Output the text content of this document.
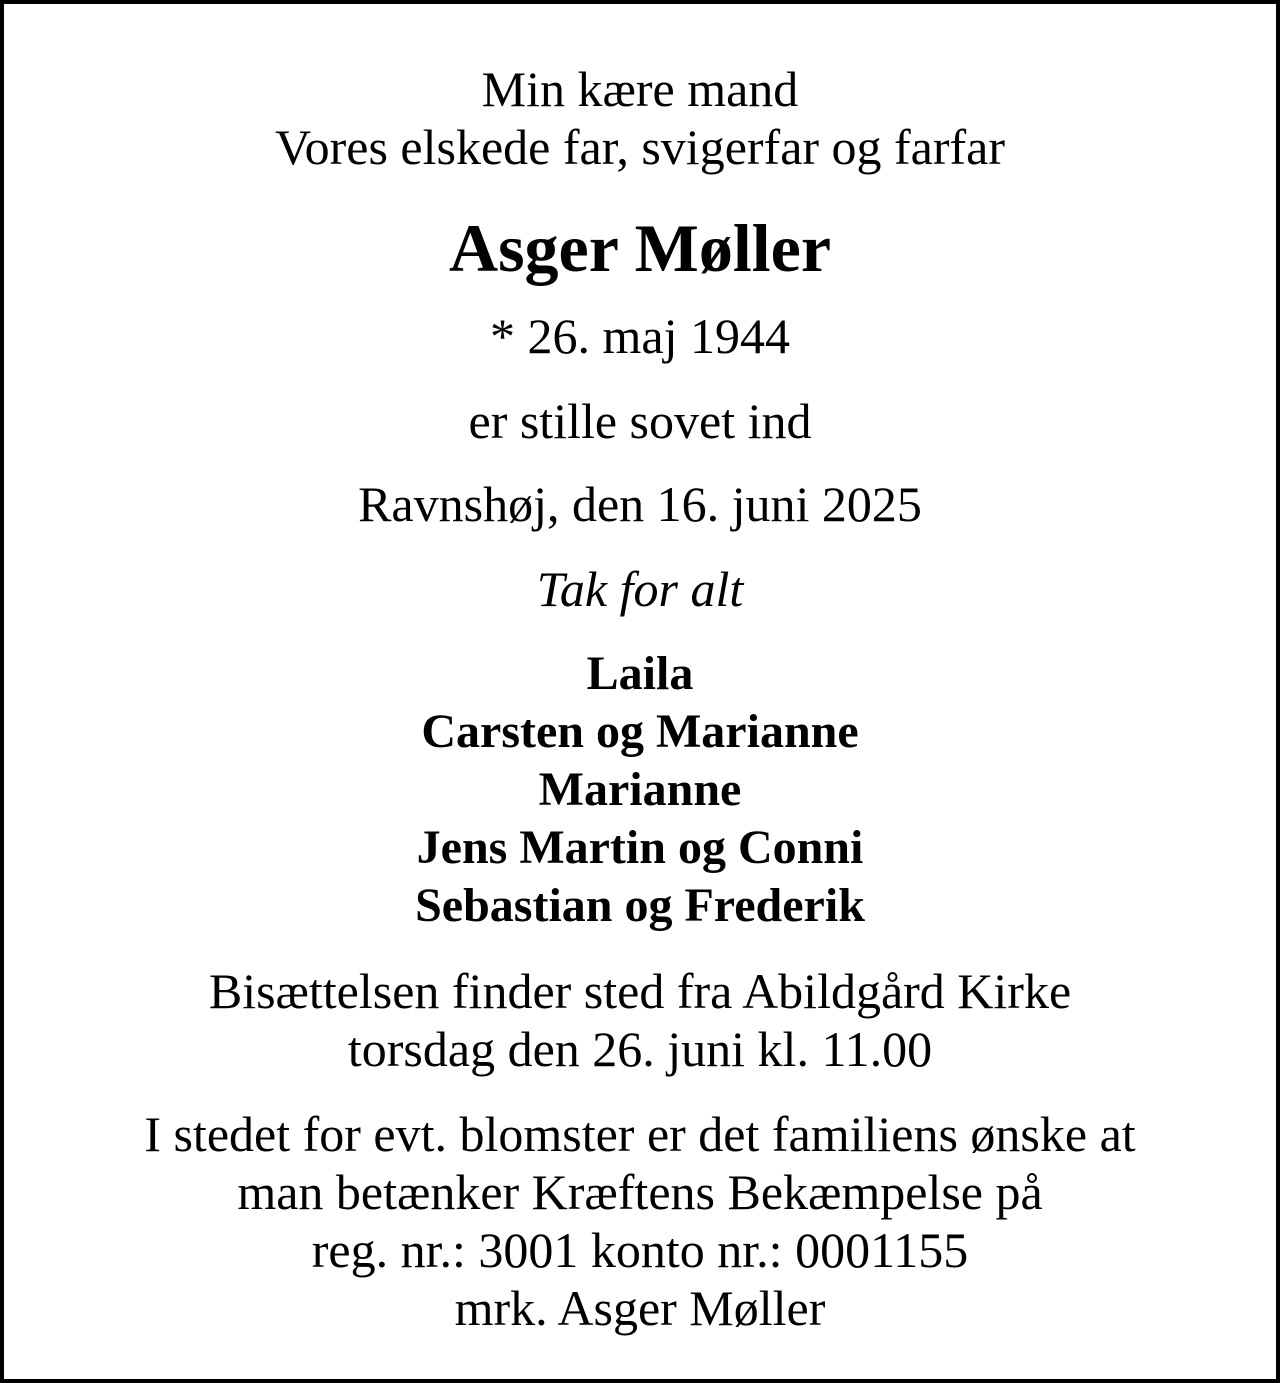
Min kære mand
Vores elskede far, svigerfar og farfar
Asger Møller
* 26. maj 1944
er stille sovet ind
Ravnshøj, den 16. juni 2025
Tak for alt
Laila
Carsten og Marianne
Marianne
Jens Martin og Conni
Sebastian og Frederik
Bisættelsen finder sted fra Abildgård Kirke
torsdag den 26. juni kl. 11.00
I stedet for evt. blomster er det familiens ønske at
man betænker Kræftens Bekæmpelse på
reg. nr.: 3001 konto nr.: 0001155
mrk. Asger Møller
